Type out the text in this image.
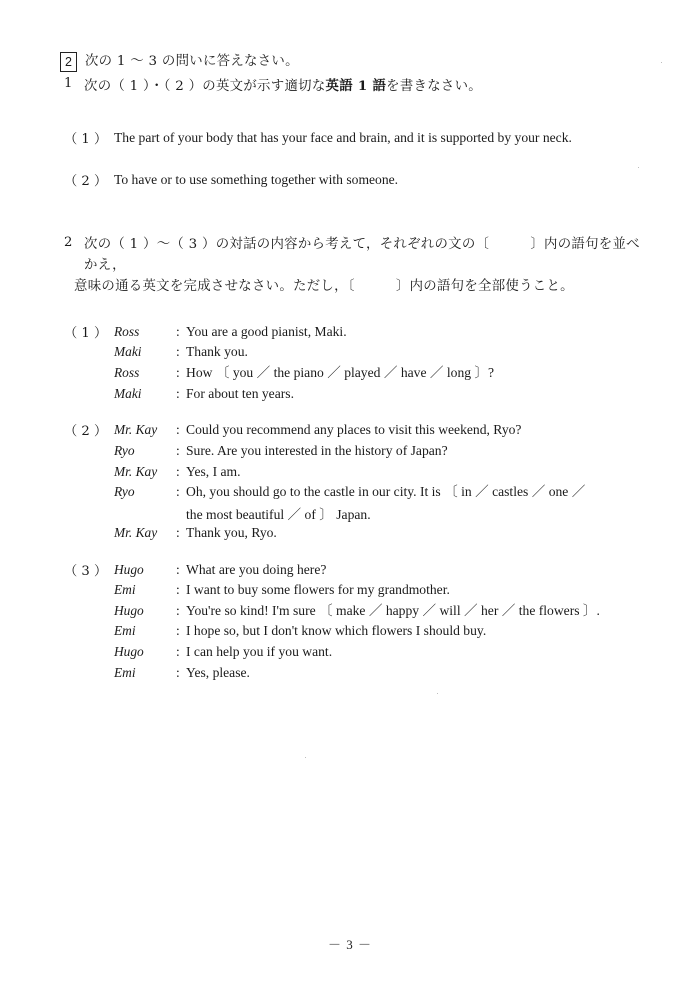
2 次の 1 ～ 3 の問いに答えなさい。
1 次の（ 1 ）・（ 2 ）の英文が示す適切な英語 1 語を書きなさい。
（ 1 ） The part of your body that has your face and brain, and it is supported by your neck.
（ 2 ） To have or to use something together with someone.
2 次の（ 1 ）～（ 3 ）の対話の内容から考えて，それぞれの文の〔　　　〕内の語句を並べかえ，
意味の通る英文を完成させなさい。ただし，〔　　　〕内の語句を全部使うこと。
（ 1 ） Ross	: You are a good pianist, Maki.
Maki	: Thank you.
Ross	: How 〔 you ／ the piano ／ played ／ have ／ long 〕?
Maki	: For about ten years.
（ 2 ） Mr. Kay	: Could you recommend any places to visit this weekend, Ryo?
Ryo	: Sure. Are you interested in the history of Japan?
Mr. Kay	: Yes, I am.
Ryo	: Oh, you should go to the castle in our city. It is 〔 in ／ castles ／ one ／
the most beautiful ／ of 〕 Japan.
Mr. Kay	: Thank you, Ryo.
（ 3 ） Hugo	: What are you doing here?
Emi	: I want to buy some flowers for my grandmother.
Hugo	: You're so kind! I'm sure 〔 make ／ happy ／ will ／ her ／ the flowers 〕.
Emi	: I hope so, but I don't know which flowers I should buy.
Hugo	: I can help you if you want.
Emi	: Yes, please.
－ 3 －
